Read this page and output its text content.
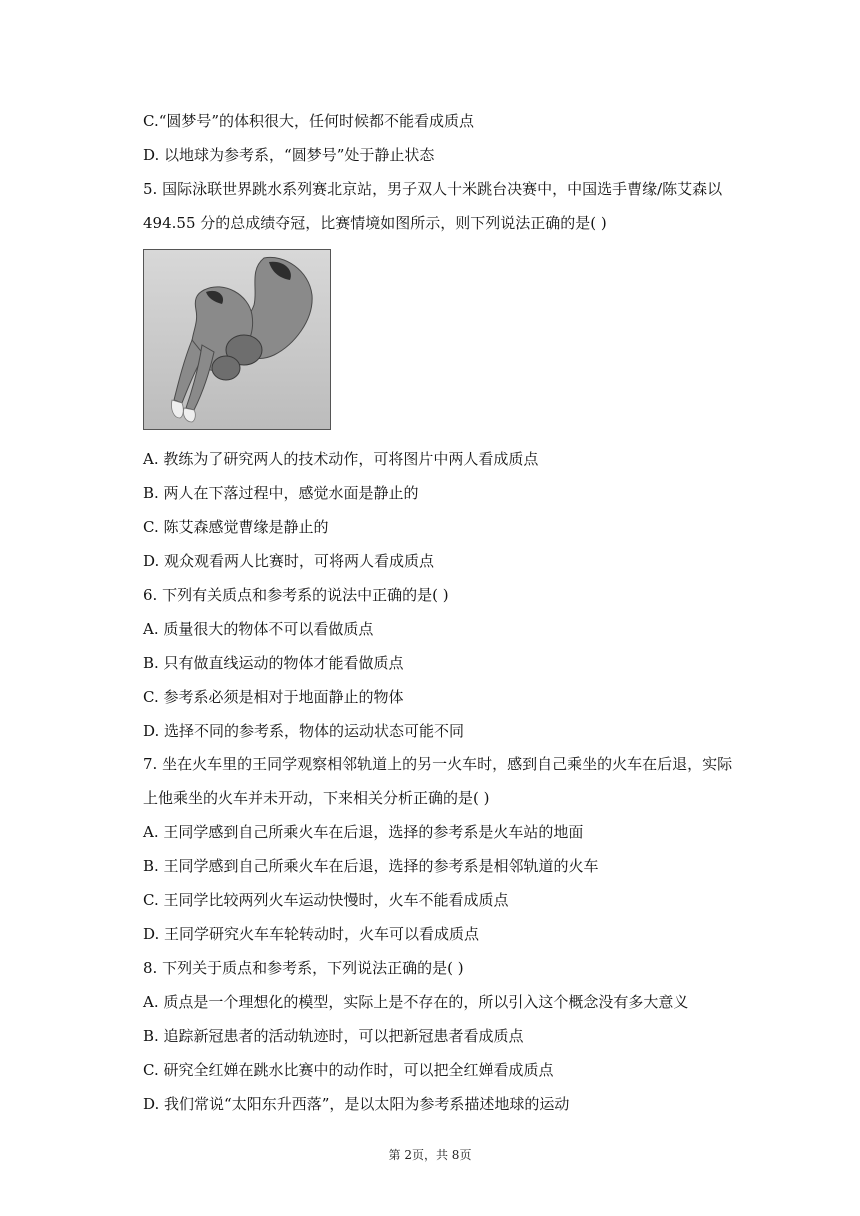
C.“圆梦号”的体积很大，任何时候都不能看成质点
D. 以地球为参考系，“圆梦号”处于静止状态
5. 国际泳联世界跳水系列赛北京站，男子双人十米跳台决赛中，中国选手曹缘/陈艾森以
494.55 分的总成绩夺冠，比赛情境如图所示，则下列说法正确的是( )
A. 教练为了研究两人的技术动作，可将图片中两人看成质点
B. 两人在下落过程中，感觉水面是静止的
C. 陈艾森感觉曹缘是静止的
D. 观众观看两人比赛时，可将两人看成质点
6. 下列有关质点和参考系的说法中正确的是( )
A. 质量很大的物体不可以看做质点
B. 只有做直线运动的物体才能看做质点
C. 参考系必须是相对于地面静止的物体
D. 选择不同的参考系，物体的运动状态可能不同
7. 坐在火车里的王同学观察相邻轨道上的另一火车时，感到自己乘坐的火车在后退，实际
上他乘坐的火车并未开动，下来相关分析正确的是( )
A. 王同学感到自己所乘火车在后退，选择的参考系是火车站的地面
B. 王同学感到自己所乘火车在后退，选择的参考系是相邻轨道的火车
C. 王同学比较两列火车运动快慢时，火车不能看成质点
D. 王同学研究火车车轮转动时，火车可以看成质点
8. 下列关于质点和参考系，下列说法正确的是( )
A. 质点是一个理想化的模型，实际上是不存在的，所以引入这个概念没有多大意义
B. 追踪新冠患者的活动轨迹时，可以把新冠患者看成质点
C. 研究全红婵在跳水比赛中的动作时，可以把全红婵看成质点
D. 我们常说“太阳东升西落”，是以太阳为参考系描述地球的运动
第 2页，共 8页
